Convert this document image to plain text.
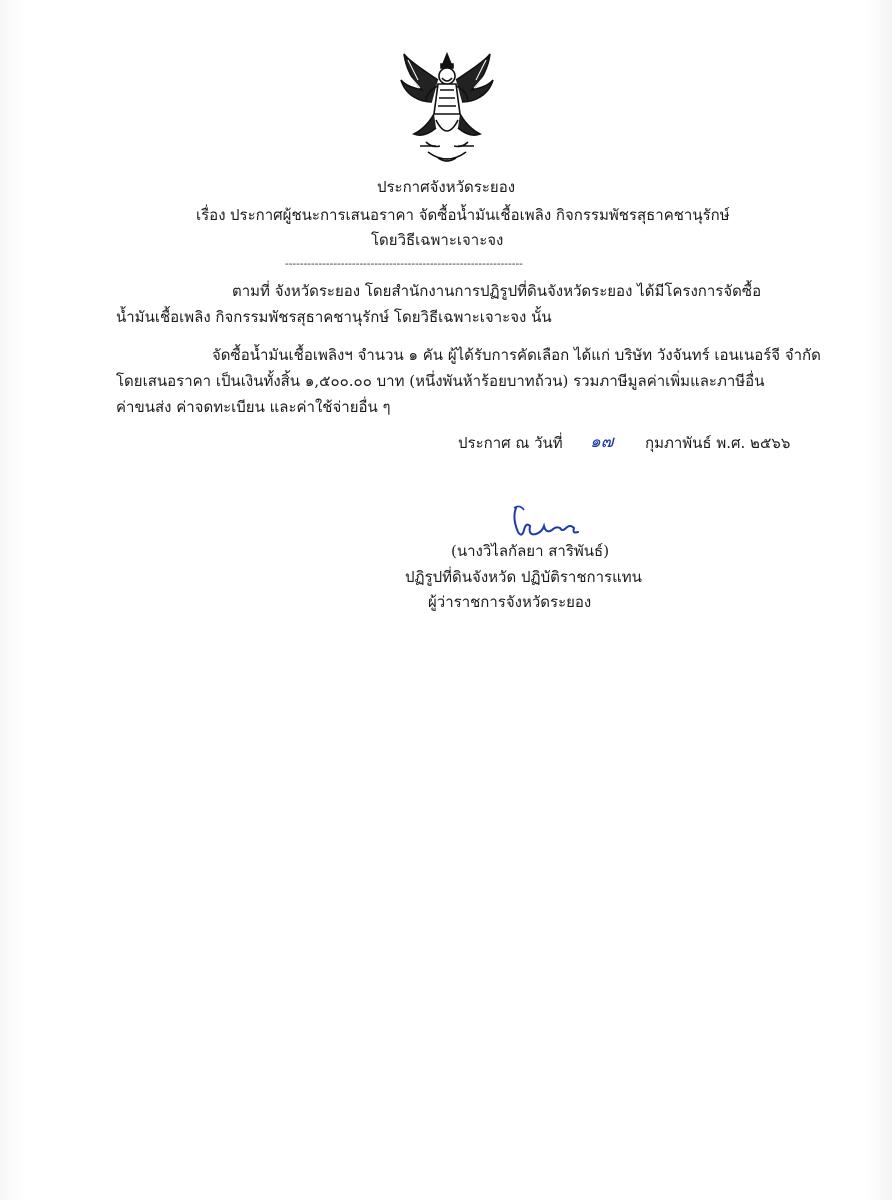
ประกาศจังหวัดระยอง
เรื่อง ประกาศผู้ชนะการเสนอราคา จัดซื้อน้ำมันเชื้อเพลิง กิจกรรมพัชรสุธาคชานุรักษ์
โดยวิธีเฉพาะเจาะจง
----------------------------------------------------------------
ตามที่ จังหวัดระยอง โดยสำนักงานการปฏิรูปที่ดินจังหวัดระยอง ได้มีโครงการจัดซื้อ
น้ำมันเชื้อเพลิง กิจกรรมพัชรสุธาคชานุรักษ์ โดยวิธีเฉพาะเจาะจง นั้น
จัดซื้อน้ำมันเชื้อเพลิงฯ จำนวน ๑ คัน ผู้ได้รับการคัดเลือก ได้แก่ บริษัท วังจันทร์ เอนเนอร์จี จำกัด
โดยเสนอราคา เป็นเงินทั้งสิ้น ๑,๕๐๐.๐๐ บาท (หนึ่งพันห้าร้อยบาทถ้วน) รวมภาษีมูลค่าเพิ่มและภาษีอื่น
ค่าขนส่ง ค่าจดทะเบียน และค่าใช้จ่ายอื่น ๆ
ประกาศ ณ วันที่ ๑๗ กุมภาพันธ์ พ.ศ. ๒๕๖๖
(นางวิไลกัลยา สาริพันธ์)
ปฏิรูปที่ดินจังหวัด ปฏิบัติราชการแทน
ผู้ว่าราชการจังหวัดระยอง
